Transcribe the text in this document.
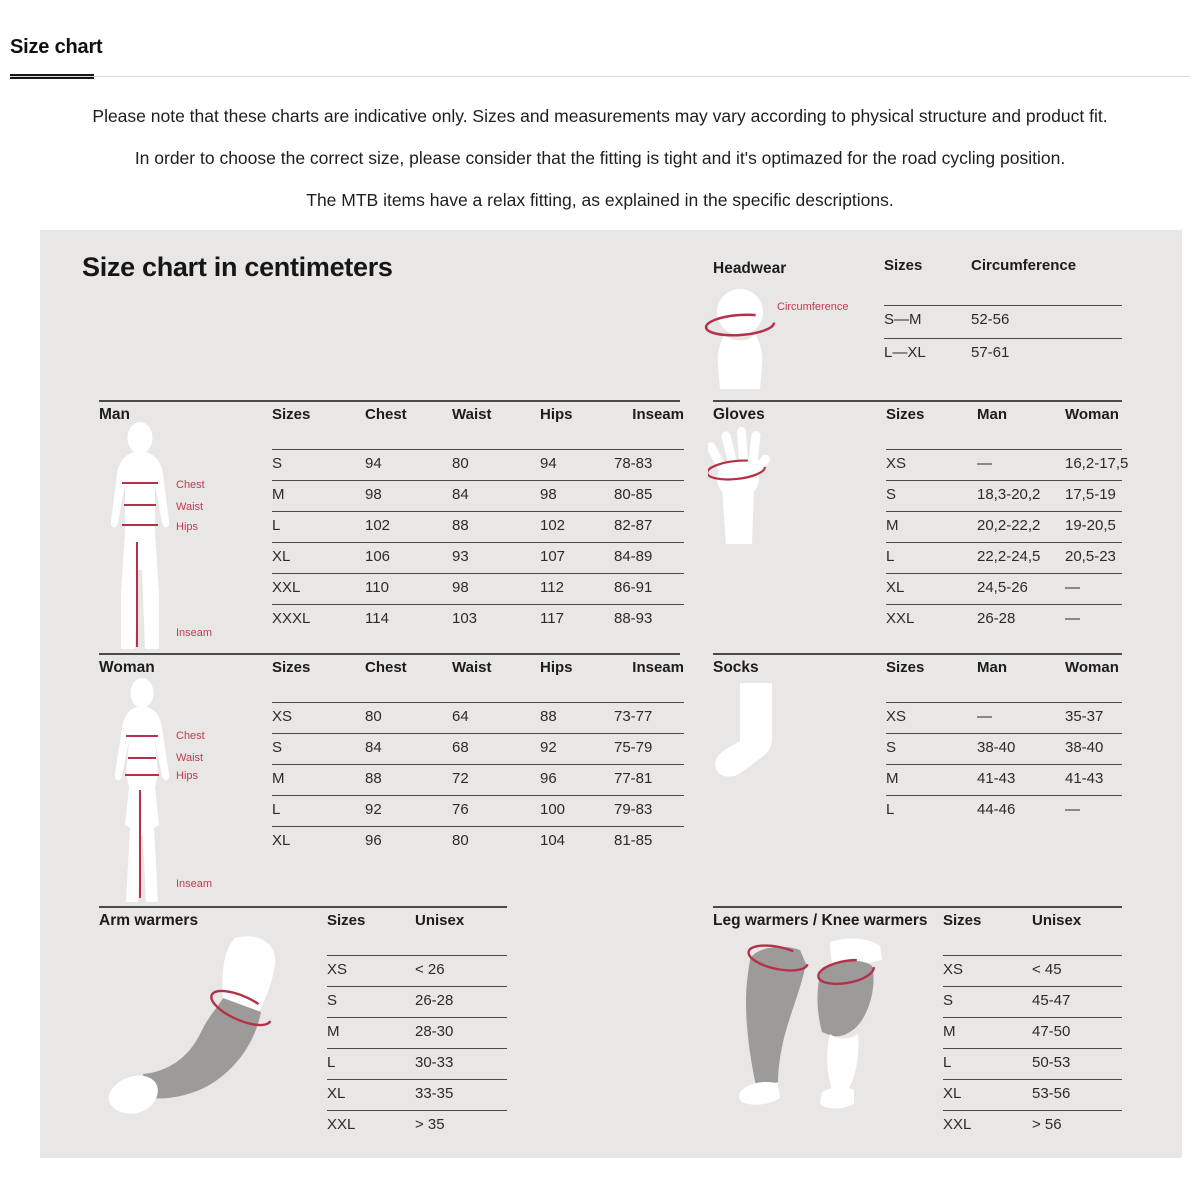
Size chart
Please note that these charts are indicative only. Sizes and measurements may vary according to physical structure and product fit.
In order to choose the correct size, please consider that the fitting is tight and it's optimazed for the road cycling position.
The MTB items have a relax fitting, as explained in the specific descriptions.
Size chart in centimeters	Headwear
Circumference
Sizes	Circumference
S—M	52-56
L—XL	57-61
Man
Chest
Waist
Hips
Inseam
Sizes	Chest	Waist	Hips	Inseam
S	94	80	94	78-83
M	98	84	98	80-85
L	102	88	102	82-87
XL	106	93	107	84-89
XXL	110	98	112	86-91
XXXL	114	103	117	88-93
Gloves	Sizes	Man	Woman
XS	—	16,2-17,5
S	18,3-20,2	17,5-19
M	20,2-22,2	19-20,5
L	22,2-24,5	20,5-23
XL	24,5-26	—
XXL	26-28	—
Woman
Chest
Waist
Hips
Inseam
Sizes	Chest	Waist	Hips	Inseam
XS	80	64	88	73-77
S	84	68	92	75-79
M	88	72	96	77-81
L	92	76	100	79-83
XL	96	80	104	81-85
Socks	Sizes	Man	Woman
XS	—	35-37
S	38-40	38-40
M	41-43	41-43
L	44-46	—
Arm warmers	Sizes	Unisex
XS	< 26
S	26-28
M	28-30
L	30-33
XL	33-35
XXL	> 35
Leg warmers / Knee warmers Sizes	Unisex
XS	< 45
S	45-47
M	47-50
L	50-53
XL	53-56
XXL	> 56
